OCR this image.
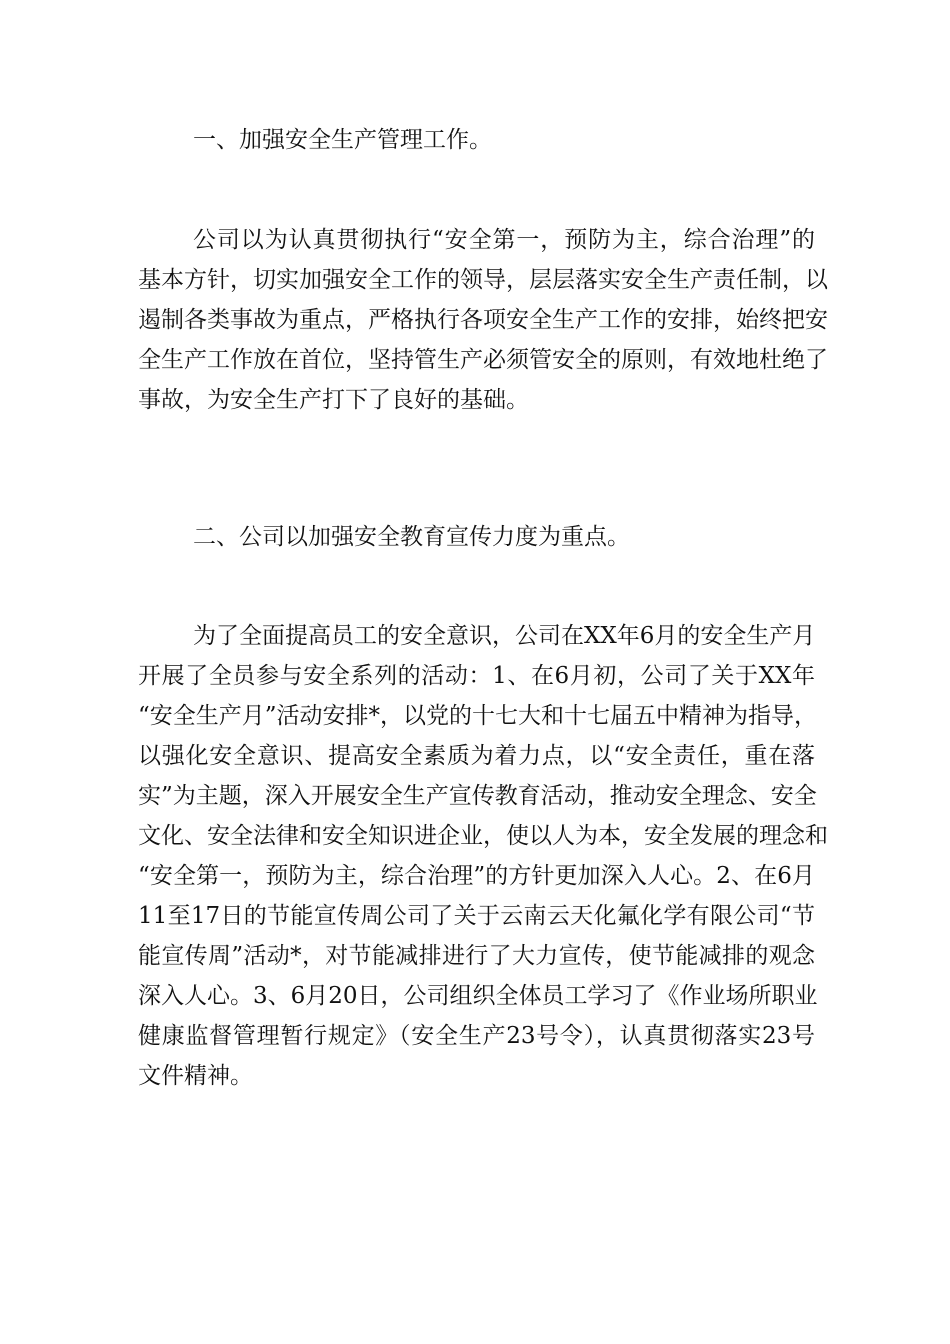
一、加强安全生产管理工作。
公司以为认真贯彻执行“安全第一，预防为主，综合治理”的
基本方针，切实加强安全工作的领导，层层落实安全生产责任制，以
遏制各类事故为重点，严格执行各项安全生产工作的安排，始终把安
全生产工作放在首位，坚持管生产必须管安全的原则，有效地杜绝了
事故，为安全生产打下了良好的基础。
二、公司以加强安全教育宣传力度为重点。
为了全面提高员工的安全意识，公司在XX年6月的安全生产月
开展了全员参与安全系列的活动：1、在6月初，公司了关于XX年
“安全生产月”活动安排*，以党的十七大和十七届五中精神为指导，
以强化安全意识、提高安全素质为着力点，以“安全责任，重在落
实”为主题，深入开展安全生产宣传教育活动，推动安全理念、安全
文化、安全法律和安全知识进企业，使以人为本，安全发展的理念和
“安全第一，预防为主，综合治理”的方针更加深入人心。2、在6月
11至17日的节能宣传周公司了关于云南云天化氟化学有限公司“节
能宣传周”活动*，对节能减排进行了大力宣传，使节能减排的观念
深入人心。3、6月20日，公司组织全体员工学习了《作业场所职业
健康监督管理暂行规定》（安全生产23号令），认真贯彻落实23号
文件精神。
